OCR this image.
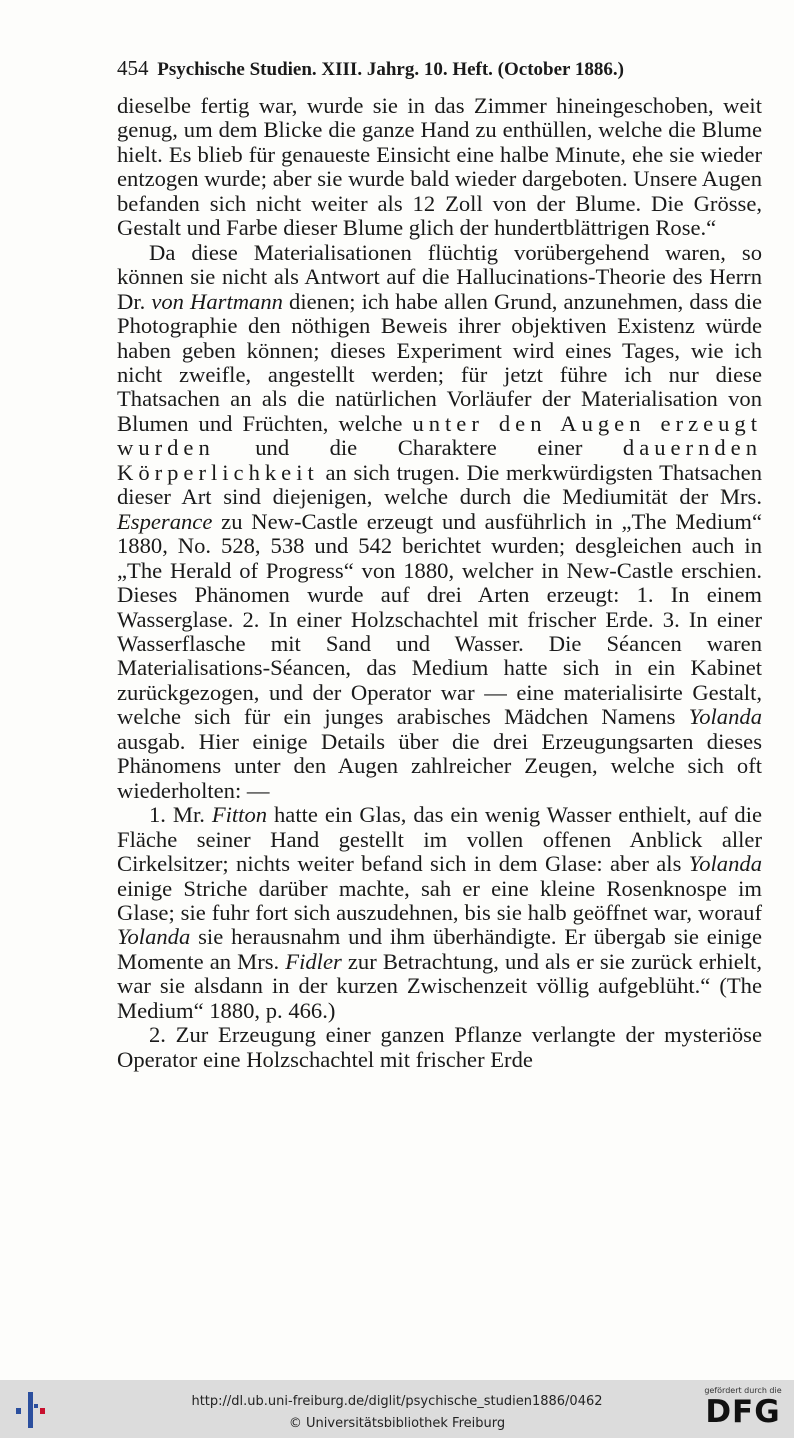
454 Psychische Studien. XIII. Jahrg. 10. Heft. (October 1886.)

dieselbe fertig war, wurde sie in das Zimmer hineingeschoben, weit genug, um dem Blicke die ganze Hand zu enthüllen, welche die Blume hielt. Es blieb für genaueste Einsicht eine halbe Minute, ehe sie wieder entzogen wurde; aber sie wurde bald wieder dargeboten. Unsere Augen befanden sich nicht weiter als 12 Zoll von der Blume. Die Grösse, Gestalt und Farbe dieser Blume glich der hundertblättrigen Rose.“

Da diese Materialisationen flüchtig vorübergehend waren, so können sie nicht als Antwort auf die Hallucinations-Theorie des Herrn Dr. von Hartmann dienen; ich habe allen Grund, anzunehmen, dass die Photographie den nöthigen Beweis ihrer objektiven Existenz würde haben geben können; dieses Experiment wird eines Tages, wie ich nicht zweifle, angestellt werden; für jetzt führe ich nur diese Thatsachen an als die natürlichen Vorläufer der Materialisation von Blumen und Früchten, welche unter den Augen erzeugt wurden und die Charaktere einer dauernden Körperlichkeit an sich trugen. Die merkwürdigsten Thatsachen dieser Art sind diejenigen, welche durch die Mediumität der Mrs. Esperance zu New-Castle erzeugt und ausführlich in „The Medium“ 1880, No. 528, 538 und 542 berichtet wurden; desgleichen auch in „The Herald of Progress“ von 1880, welcher in New-Castle erschien. Dieses Phänomen wurde auf drei Arten erzeugt: 1. In einem Wasserglase. 2. In einer Holzschachtel mit frischer Erde. 3. In einer Wasserflasche mit Sand und Wasser. Die Séancen waren Materialisations-Séancen, das Medium hatte sich in ein Kabinet zurückgezogen, und der Operator war — eine materialisirte Gestalt, welche sich für ein junges arabisches Mädchen Namens Yolanda ausgab. Hier einige Details über die drei Erzeugungsarten dieses Phänomens unter den Augen zahlreicher Zeugen, welche sich oft wiederholten: —

1. Mr. Fitton hatte ein Glas, das ein wenig Wasser enthielt, auf die Fläche seiner Hand gestellt im vollen offenen Anblick aller Cirkelsitzer; nichts weiter befand sich in dem Glase: aber als Yolanda einige Striche darüber machte, sah er eine kleine Rosenknospe im Glase; sie fuhr fort sich auszudehnen, bis sie halb geöffnet war, worauf Yolanda sie herausnahm und ihm überhändigte. Er übergab sie einige Momente an Mrs. Fidler zur Betrachtung, und als er sie zurück erhielt, war sie alsdann in der kurzen Zwischenzeit völlig aufgeblüht.“ (The Medium“ 1880, p. 466.)

2. Zur Erzeugung einer ganzen Pflanze verlangte der mysteriöse Operator eine Holzschachtel mit frischer Erde

http://dl.ub.uni-freiburg.de/diglit/psychische_studien1886/0462
© Universitätsbibliothek Freiburg
gefördert durch die
DFG
